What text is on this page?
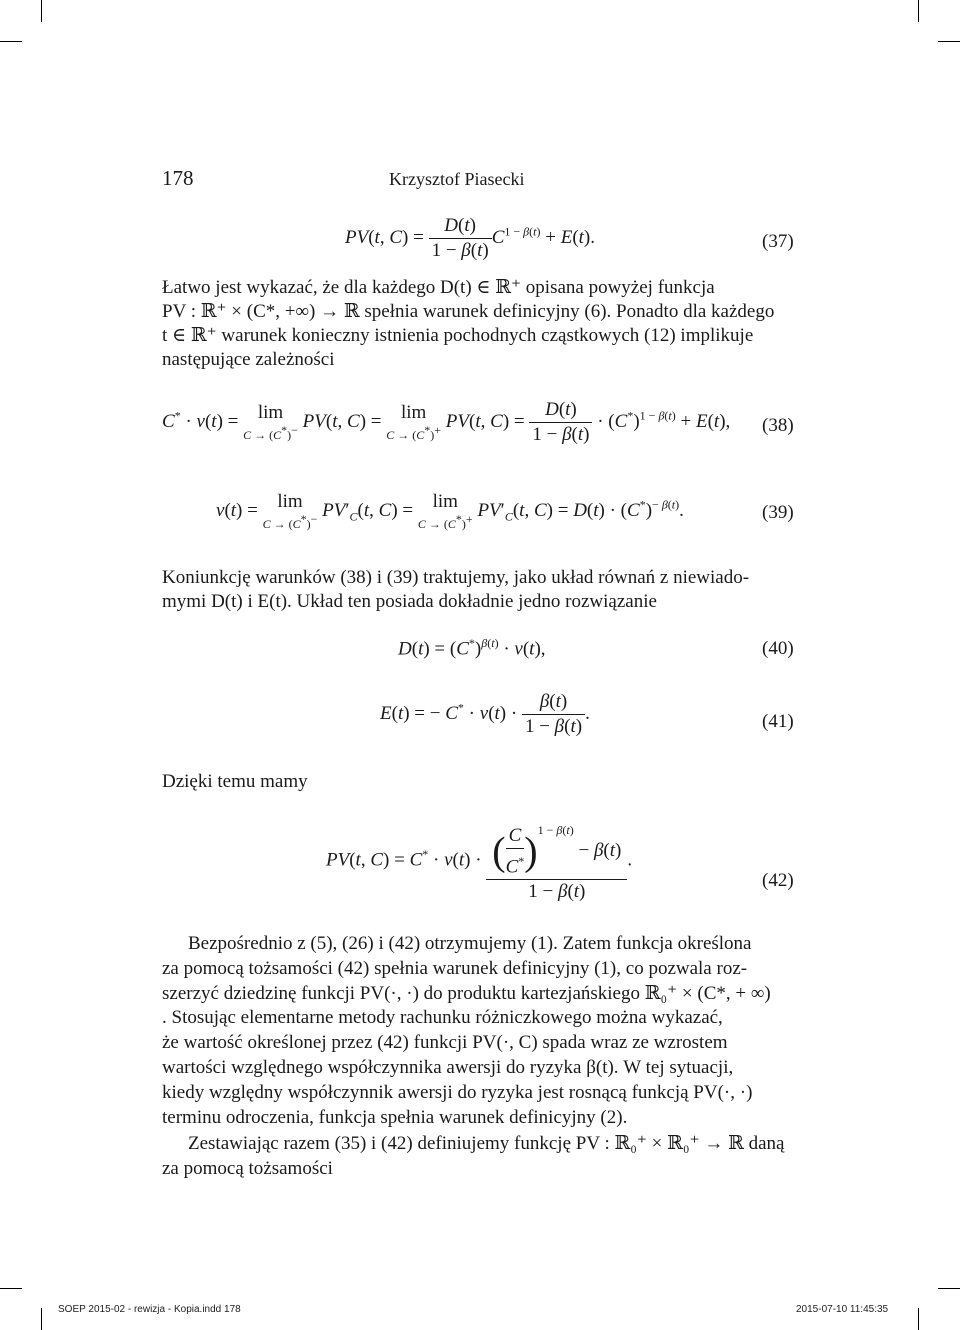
178	Krzysztof Piasecki
PV(t, $C) = \frac{D(t)}{1 - \beta(t)} C^{1 - \beta(t)} + E(t)$.	(37)
Łatwo jest wykazać, że dla każdego D(t) ∈ ℝ⁺ opisana powyżej funkcja
PV : ℝ⁺ × (C*, +∞) → ℝ spełnia warunek definicyjny (6). Ponadto dla każdego
t ∈ ℝ⁺ warunek konieczny istnienia pochodnych cząstkowych (12) implikuje
następujące zależności
C* · ν(t) = lim
C → (C*)− PV(t, C) = lim
C → (C*)+ PV(t, $C) = \frac{D(t)}{1 - \beta(t)} \cdot (C^*)^{1 - \beta(t)} + E(t)$, (38)
ν(t) = lim
C → (C*)− $PV'_C(t$, C) = lim
C → (C*)+ $PV'_C(t$, $C) = D(t) \cdot (C^*)^{- \beta(t)}$.	(39)
Koniunkcję warunków (38) i (39) traktujemy, jako układ równań z niewiado-
mymi D(t) i E(t). Układ ten posiada dokładnie jedno rozwiązanie
$D(t) = (C^*)^{\beta(t)} \cdot \nu(t)$,	(40)
E(t) = − $C^* \cdot \nu(t) \cdot \frac{\beta(t)}{1 - \beta(t)}$ .	(41)
Dzięki temu mamy
PV(t, $C) = C^* \cdot \nu(t) \cdot \frac{( \frac{C}{C^*} )^{1 - \beta(t)} - \beta(t)}{1 - \beta(t)}$ .
(42)
Bezpośrednio z (5), (26) i (42) otrzymujemy (1). Zatem funkcja określona
za pomocą tożsamości (42) spełnia warunek definicyjny (1), co pozwala roz-
szerzyć dziedzinę funkcji PV(·, ·) do produktu kartezjańskiego ℝ₀⁺ × (C*, + ∞)
. Stosując elementarne metody rachunku różniczkowego można wykazać,
że wartość określonej przez (42) funkcji PV(·, C) spada wraz ze wzrostem
wartości względnego współczynnika awersji do ryzyka β(t). W tej sytuacji,
kiedy względny współczynnik awersji do ryzyka jest rosnącą funkcją PV(·, ·)
terminu odroczenia, funkcja spełnia warunek definicyjny (2).
Zestawiając razem (35) i (42) definiujemy funkcję PV : ℝ₀⁺ × ℝ₀⁺ → ℝ daną
za pomocą tożsamości
SOEP 2015-02 - rewizja - Kopia.indd 178	2015-07-10 11:45:35
